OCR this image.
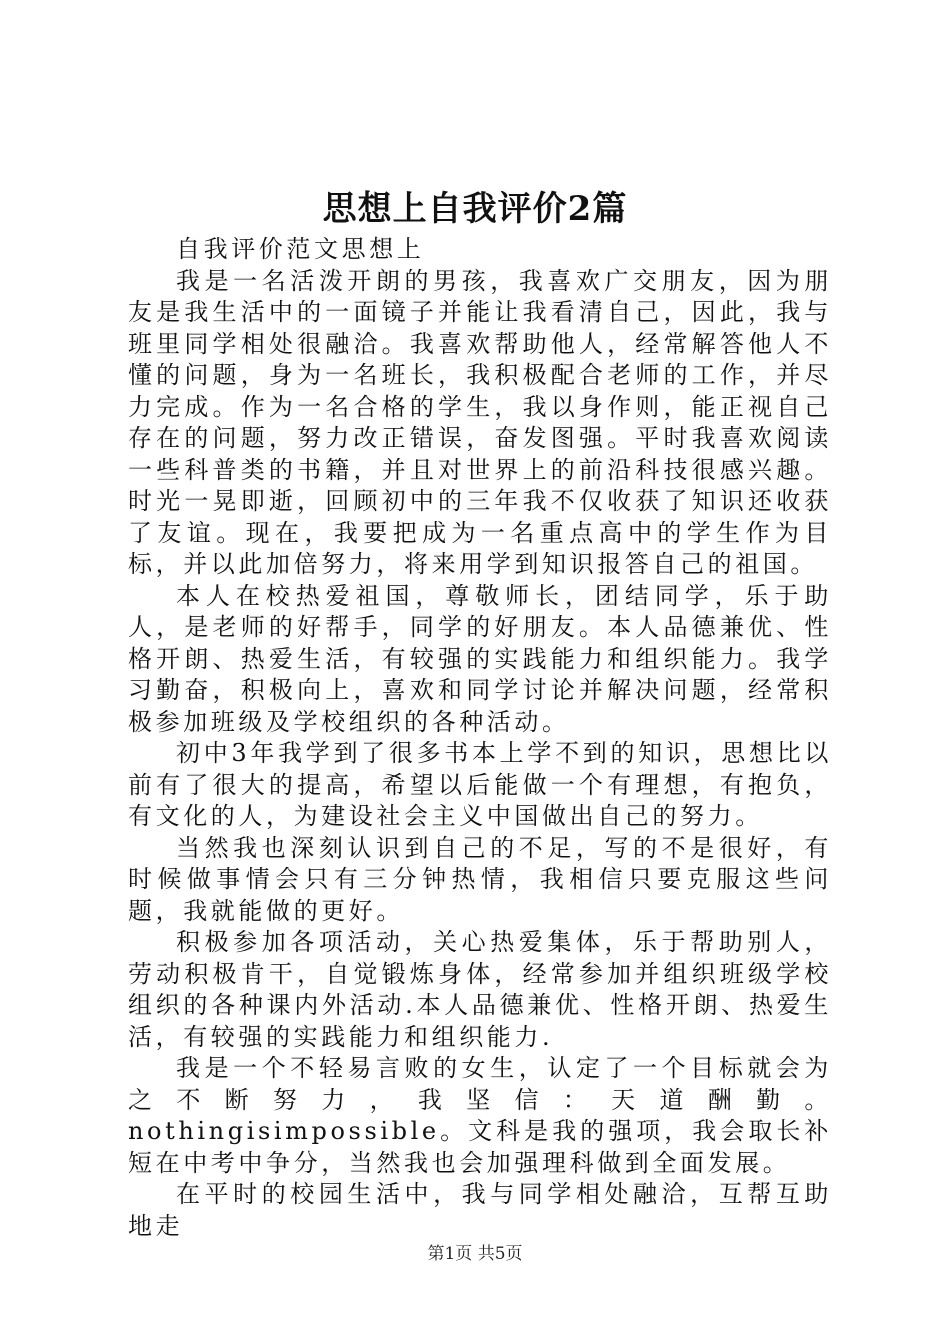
思想上自我评价2篇

自我评价范文思想上

我是一名活泼开朗的男孩，我喜欢广交朋友，因为朋友是我生活中的一面镜子并能让我看清自己，因此，我与班里同学相处很融洽。我喜欢帮助他人，经常解答他人不懂的问题，身为一名班长，我积极配合老师的工作，并尽力完成。作为一名合格的学生，我以身作则，能正视自己存在的问题，努力改正错误，奋发图强。平时我喜欢阅读一些科普类的书籍，并且对世界上的前沿科技很感兴趣。时光一晃即逝，回顾初中的三年我不仅收获了知识还收获了友谊。现在，我要把成为一名重点高中的学生作为目标，并以此加倍努力，将来用学到知识报答自己的祖国。

本人在校热爱祖国，尊敬师长，团结同学，乐于助人，是老师的好帮手，同学的好朋友。本人品德兼优、性格开朗、热爱生活，有较强的实践能力和组织能力。我学习勤奋，积极向上，喜欢和同学讨论并解决问题，经常积极参加班级及学校组织的各种活动。

初中3年我学到了很多书本上学不到的知识，思想比以前有了很大的提高，希望以后能做一个有理想，有抱负，有文化的人，为建设社会主义中国做出自己的努力。

当然我也深刻认识到自己的不足，写的不是很好，有时候做事情会只有三分钟热情，我相信只要克服这些问题，我就能做的更好。

积极参加各项活动，关心热爱集体，乐于帮助别人，劳动积极肯干，自觉锻炼身体，经常参加并组织班级学校组织的各种课内外活动.本人品德兼优、性格开朗、热爱生活，有较强的实践能力和组织能力.

我是一个不轻易言败的女生，认定了一个目标就会为之不断努力，我坚信：天道酬勤。nothingisimpossible。文科是我的强项，我会取长补短在中考中争分，当然我也会加强理科做到全面发展。

在平时的校园生活中，我与同学相处融洽，互帮互助地走

第1页 共5页
